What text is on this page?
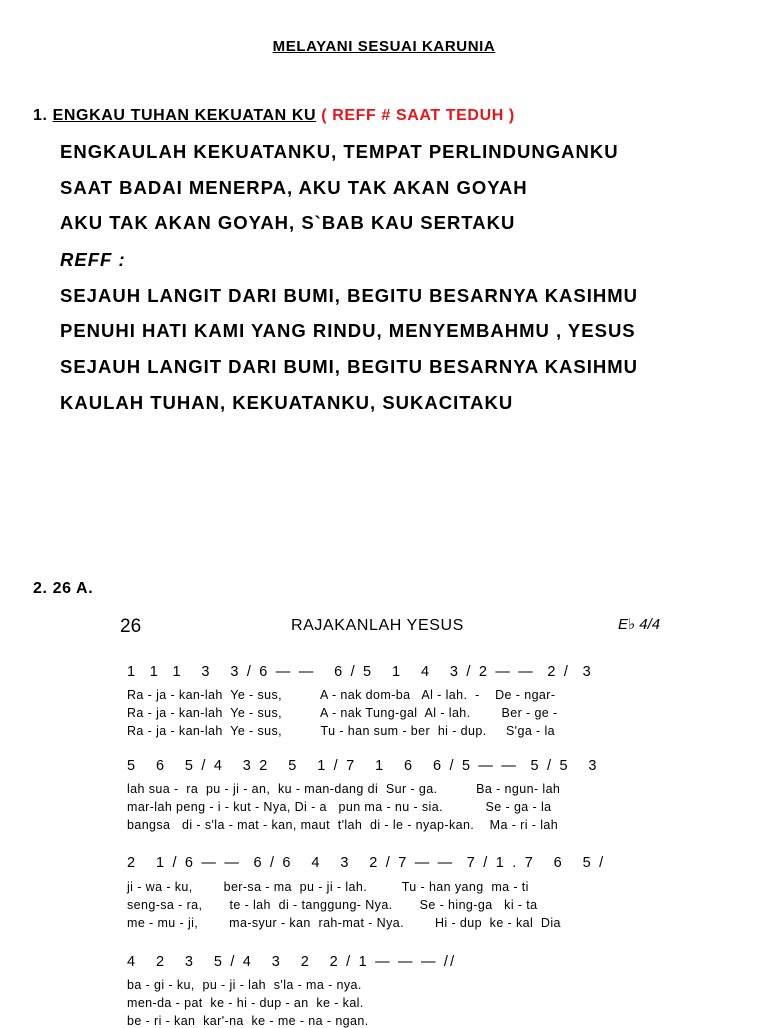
MELAYANI SESUAI KARUNIA
1. ENGKAU TUHAN KEKUATAN KU ( REFF # SAAT TEDUH )
ENGKAULAH KEKUATANKU, TEMPAT PERLINDUNGANKU
SAAT BADAI MENERPA, AKU TAK AKAN GOYAH
AKU TAK AKAN GOYAH, S`BAB KAU SERTAKU
REFF :
SEJAUH LANGIT DARI BUMI, BEGITU BESARNYA KASIHMU
PENUHI HATI KAMI YANG RINDU, MENYEMBAHMU , YESUS
SEJAUH LANGIT DARI BUMI, BEGITU BESARNYA KASIHMU
KAULAH TUHAN, KEKUATANKU, SUKACITAKU
2. 26 A.
26	RAJAKANLAH YESUS	E♭ 4/4
1  1  1   3   3 / 6 — —   6 / 5   1   4   3 / 2 — —  2 /  3
Ra - ja - kan-lah  Ye - sus,          A - nak dom-ba   Al - lah.  -    De - ngar-
Ra - ja - kan-lah  Ye - sus,          A - nak Tung-gal  Al - lah.        Ber - ge -
Ra - ja - kan-lah  Ye - sus,          Tu - han sum - ber  hi - dup.     S'ga - la
5   6   5 / 4   3 2   5   1 / 7   1   6   6 / 5 — —  5 / 5   3
lah sua -  ra  pu - ji - an,  ku - man-dang di  Sur - ga.          Ba - ngun- lah
mar-lah peng - i - kut - Nya, Di - a   pun ma - nu - sia.           Se - ga - la
bangsa   di - s'la - mat - kan, maut  t'lah  di - le - nyap-kan.    Ma - ri - lah
2   1 / 6 — —  6 / 6   4   3   2 / 7 — —  7 / 1 . 7   6   5 /
ji - wa - ku,        ber-sa - ma  pu - ji - lah.         Tu - han yang  ma - ti
seng-sa - ra,       te - lah  di - tanggung- Nya.       Se - hing-ga   ki - ta
me - mu - ji,        ma-syur - kan  rah-mat - Nya.        Hi - dup  ke - kal  Dia
4   2   3   5 / 4   3   2   2 / 1 — — — //
ba - gi - ku,  pu - ji - lah  s'la - ma - nya.
men-da - pat  ke - hi - dup - an  ke - kal.
be - ri - kan  kar'-na  ke - me - na - ngan.
